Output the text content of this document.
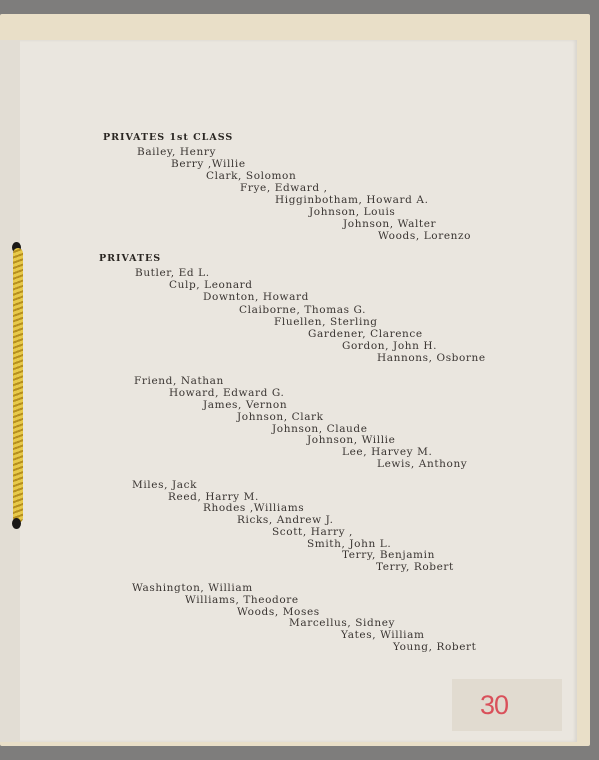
PRIVATES 1st CLASS
Bailey, Henry
Berry ,Willie
Clark, Solomon
Frye, Edward ,
Higginbotham, Howard A.
Johnson, Louis
Johnson, Walter
Woods, Lorenzo
PRIVATES
Butler, Ed L.
Culp, Leonard
Downton, Howard
Claiborne, Thomas G.
Fluellen, Sterling
Gardener, Clarence
Gordon, John H.
Hannons, Osborne
Friend, Nathan
Howard, Edward G.
James, Vernon
Johnson, Clark
Johnson, Claude
Johnson, Willie
Lee, Harvey M.
Lewis, Anthony
Miles, Jack
Reed, Harry M.
Rhodes ,Williams
Ricks, Andrew J.
Scott, Harry ,
Smith, John L.
Terry, Benjamin
Terry, Robert
Washington, William
Williams, Theodore
Woods, Moses
Marcellus, Sidney
Yates, William
Young, Robert
30
